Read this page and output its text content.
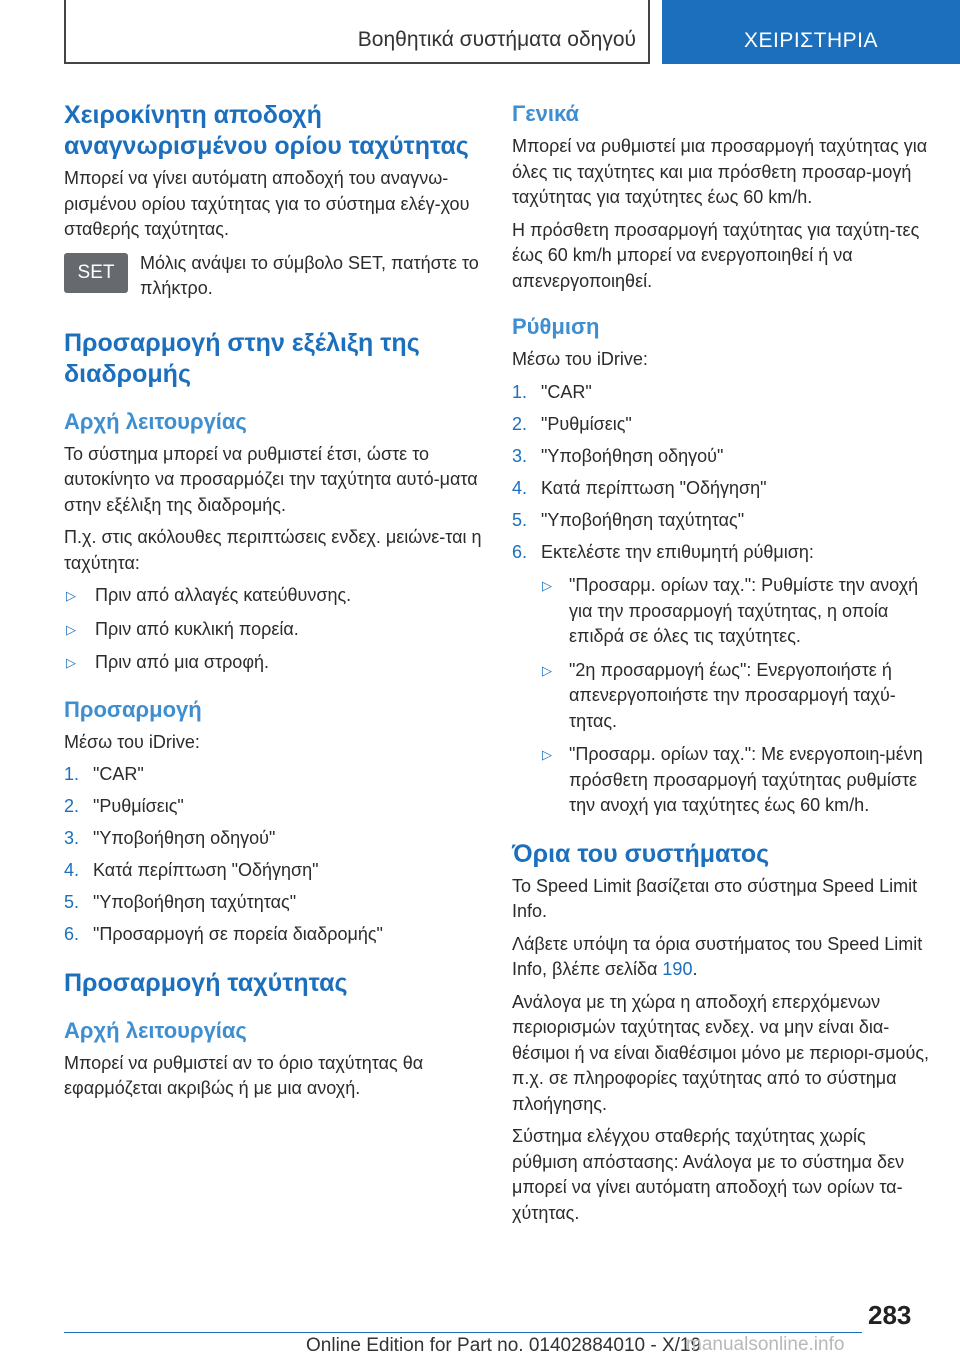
Βοηθητικά συστήματα οδηγού	ΧΕΙΡΙΣΤΗΡΙΑ
Χειροκίνητη αποδοχή αναγνωρισμένου ορίου ταχύτητας

Μπορεί να γίνει αυτόματη αποδοχή του αναγνω-ρισμένου ορίου ταχύτητας για το σύστημα ελέγ-χου σταθερής ταχύτητας.

SET	Μόλις ανάψει το σύμβολο SET, πατήστε το πλήκτρο.

Προσαρμογή στην εξέλιξη της διαδρομής
Αρχή λειτουργίας

Το σύστημα μπορεί να ρυθμιστεί έτσι, ώστε το αυτοκίνητο να προσαρμόζει την ταχύτητα αυτό-ματα στην εξέλιξη της διαδρομής.

Π.χ. στις ακόλουθες περιπτώσεις ενδεχ. μειώνε-ται η ταχύτητα:

▷ Πριν από αλλαγές κατεύθυνσης.
▷ Πριν από κυκλική πορεία.
▷ Πριν από μια στροφή.
Προσαρμογή

Μέσω του iDrive:

1. "CAR"
2. "Ρυθμίσεις"
3. "Υποβοήθηση οδηγού"
4. Κατά περίπτωση "Οδήγηση"
5. "Υποβοήθηση ταχύτητας"
6. "Προσαρμογή σε πορεία διαδρομής"
Προσαρμογή ταχύτητας
Αρχή λειτουργίας

Μπορεί να ρυθμιστεί αν το όριο ταχύτητας θα εφαρμόζεται ακριβώς ή με μια ανοχή.

Γενικά

Μπορεί να ρυθμιστεί μια προσαρμογή ταχύτητας για όλες τις ταχύτητες και μια πρόσθετη προσαρ-μογή ταχύτητας για ταχύτητες έως 60 km/h.

Η πρόσθετη προσαρμογή ταχύτητας για ταχύτη-τες έως 60 km/h μπορεί να ενεργοποιηθεί ή να απενεργοποιηθεί.

Ρύθμιση

Μέσω του iDrive:

1. "CAR"
2. "Ρυθμίσεις"
3. "Υποβοήθηση οδηγού"
4. Κατά περίπτωση "Οδήγηση"
5. "Υποβοήθηση ταχύτητας"
6. Εκτελέστε την επιθυμητή ρύθμιση:
▷ "Προσαρμ. ορίων ταχ.": Ρυθμίστε την ανοχή για την προσαρμογή ταχύτητας, η οποία επιδρά σε όλες τις ταχύτητες.
▷ "2η προσαρμογή έως": Ενεργοποιήστε ή απενεργοποιήστε την προσαρμογή ταχύ-τητας.
▷ "Προσαρμ. ορίων ταχ.": Με ενεργοποιη-μένη πρόσθετη προσαρμογή ταχύτητας ρυθμίστε την ανοχή για ταχύτητες έως 60 km/h.
Όρια του συστήματος

Το Speed Limit βασίζεται στο σύστημα Speed Limit Info.

Λάβετε υπόψη τα όρια συστήματος του Speed Limit Info, βλέπε σελίδα 190.

Ανάλογα με τη χώρα η αποδοχή επερχόμενων περιορισμών ταχύτητας ενδεχ. να μην είναι δια-θέσιμοι ή να είναι διαθέσιμοι μόνο με περιορι-σμούς, π.χ. σε πληροφορίες ταχύτητας από το σύστημα πλοήγησης.

Σύστημα ελέγχου σταθερής ταχύτητας χωρίς ρύθμιση απόστασης: Ανάλογα με το σύστημα δεν μπορεί να γίνει αυτόματη αποδοχή των ορίων τα-χύτητας.

283
Online Edition for Part no. 01402884010 - X/19
manualsonline.info
